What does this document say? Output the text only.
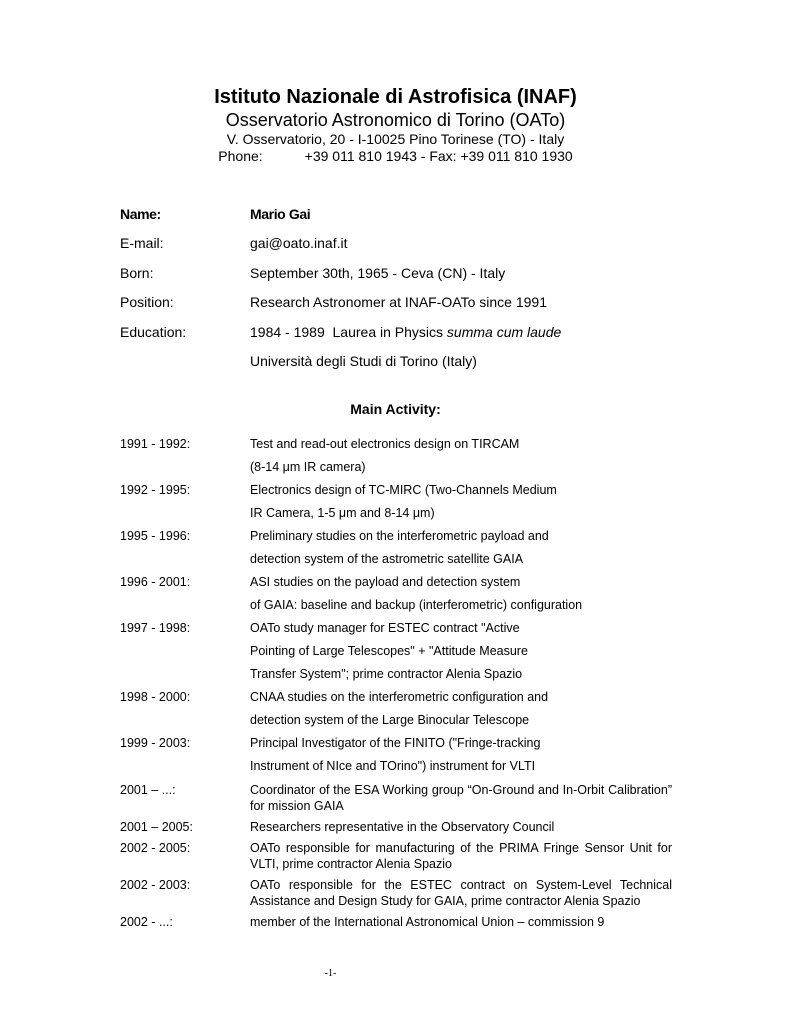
Istituto Nazionale di Astrofisica (INAF)
Osservatorio Astronomico di Torino (OATo)
V. Osservatorio, 20 - I-10025 Pino Torinese (TO) - Italy
Phone:	+39 011 810 1943 - Fax: +39 011 810 1930
Name:	Mario Gai
E-mail:	gai@oato.inaf.it
Born:	September 30th, 1965 - Ceva (CN) - Italy
Position:	Research Astronomer at INAF-OATo since 1991
Education:	1984 - 1989  Laurea in Physics summa cum laude
Università degli Studi di Torino (Italy)
Main Activity:
1991 - 1992:	Test and read-out electronics design on TIRCAM
(8-14 μm IR camera)
1992 - 1995:	Electronics design of TC-MIRC (Two-Channels Medium
IR Camera, 1-5 μm and 8-14 μm)
1995 - 1996:	Preliminary studies on the interferometric payload and
detection system of the astrometric satellite GAIA
1996 - 2001:	ASI studies on the payload and detection system
of GAIA: baseline and backup (interferometric) configuration
1997 - 1998:	OATo study manager for ESTEC contract "Active
Pointing of Large Telescopes" + "Attitude Measure
Transfer System"; prime contractor Alenia Spazio
1998 - 2000:	CNAA studies on the interferometric configuration and
detection system of the Large Binocular Telescope
1999 - 2003:	Principal Investigator of the FINITO ("Fringe-tracking
Instrument of NIce and TOrino") instrument for VLTI
2001 – ...:	Coordinator of the ESA Working group “On-Ground and In-Orbit Calibration” for mission GAIA
2001 – 2005:	Researchers representative in the Observatory Council
2002 - 2005:	OATo responsible for manufacturing of the PRIMA Fringe Sensor Unit for VLTI, prime contractor Alenia Spazio
2002 - 2003:	OATo responsible for the ESTEC contract on System-Level Technical Assistance and Design Study for GAIA, prime contractor Alenia Spazio
2002 - ...:	member of the International Astronomical Union – commission 9
-1-
